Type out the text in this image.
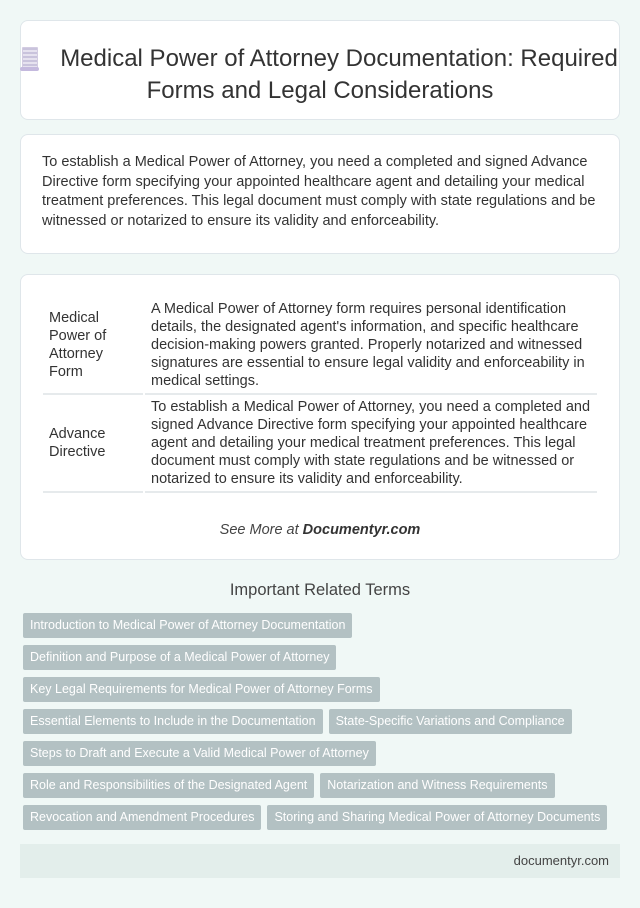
Medical Power of Attorney Documentation: Required Forms and Legal Considerations

To establish a Medical Power of Attorney, you need a completed and signed Advance Directive form specifying your appointed healthcare agent and detailing your medical treatment preferences. This legal document must comply with state regulations and be witnessed or notarized to ensure its validity and enforceability.

Medical Power of Attorney Form	A Medical Power of Attorney form requires personal identification details, the designated agent's information, and specific healthcare decision-making powers granted. Properly notarized and witnessed signatures are essential to ensure legal validity and enforceability in medical settings.
Advance Directive	To establish a Medical Power of Attorney, you need a completed and signed Advance Directive form specifying your appointed healthcare agent and detailing your medical treatment preferences. This legal document must comply with state regulations and be witnessed or notarized to ensure its validity and enforceability.
See More at Documentyr.com
Important Related Terms
Introduction to Medical Power of Attorney Documentation
Definition and Purpose of a Medical Power of Attorney
Key Legal Requirements for Medical Power of Attorney Forms
Essential Elements to Include in the Documentation	State-Specific Variations and Compliance
Steps to Draft and Execute a Valid Medical Power of Attorney
Role and Responsibilities of the Designated Agent	Notarization and Witness Requirements
Revocation and Amendment Procedures	Storing and Sharing Medical Power of Attorney Documents
documentyr.com
